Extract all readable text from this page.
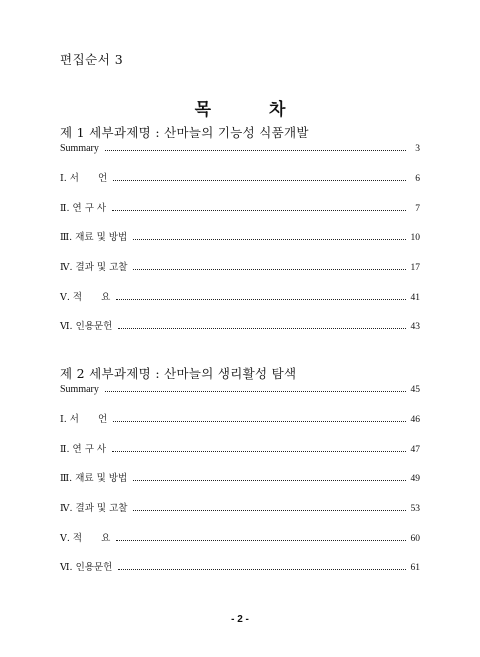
편집순서 3
목차
제 1 세부과제명 : 산마늘의 기능성 식품개발
Summary	3
Ⅰ. 서　　언	6
Ⅱ. 연 구 사	7
Ⅲ. 재료 및 방법	10
Ⅳ. 결과 및 고찰	17
Ⅴ. 적　　요	41
Ⅵ. 인용문헌	43
제 2 세부과제명 : 산마늘의 생리활성 탐색
Summary	45
Ⅰ. 서　　언	46
Ⅱ. 연 구 사	47
Ⅲ. 재료 및 방법	49
Ⅳ. 결과 및 고찰	53
Ⅴ. 적　　요	60
Ⅵ. 인용문헌	61
- 2 -
